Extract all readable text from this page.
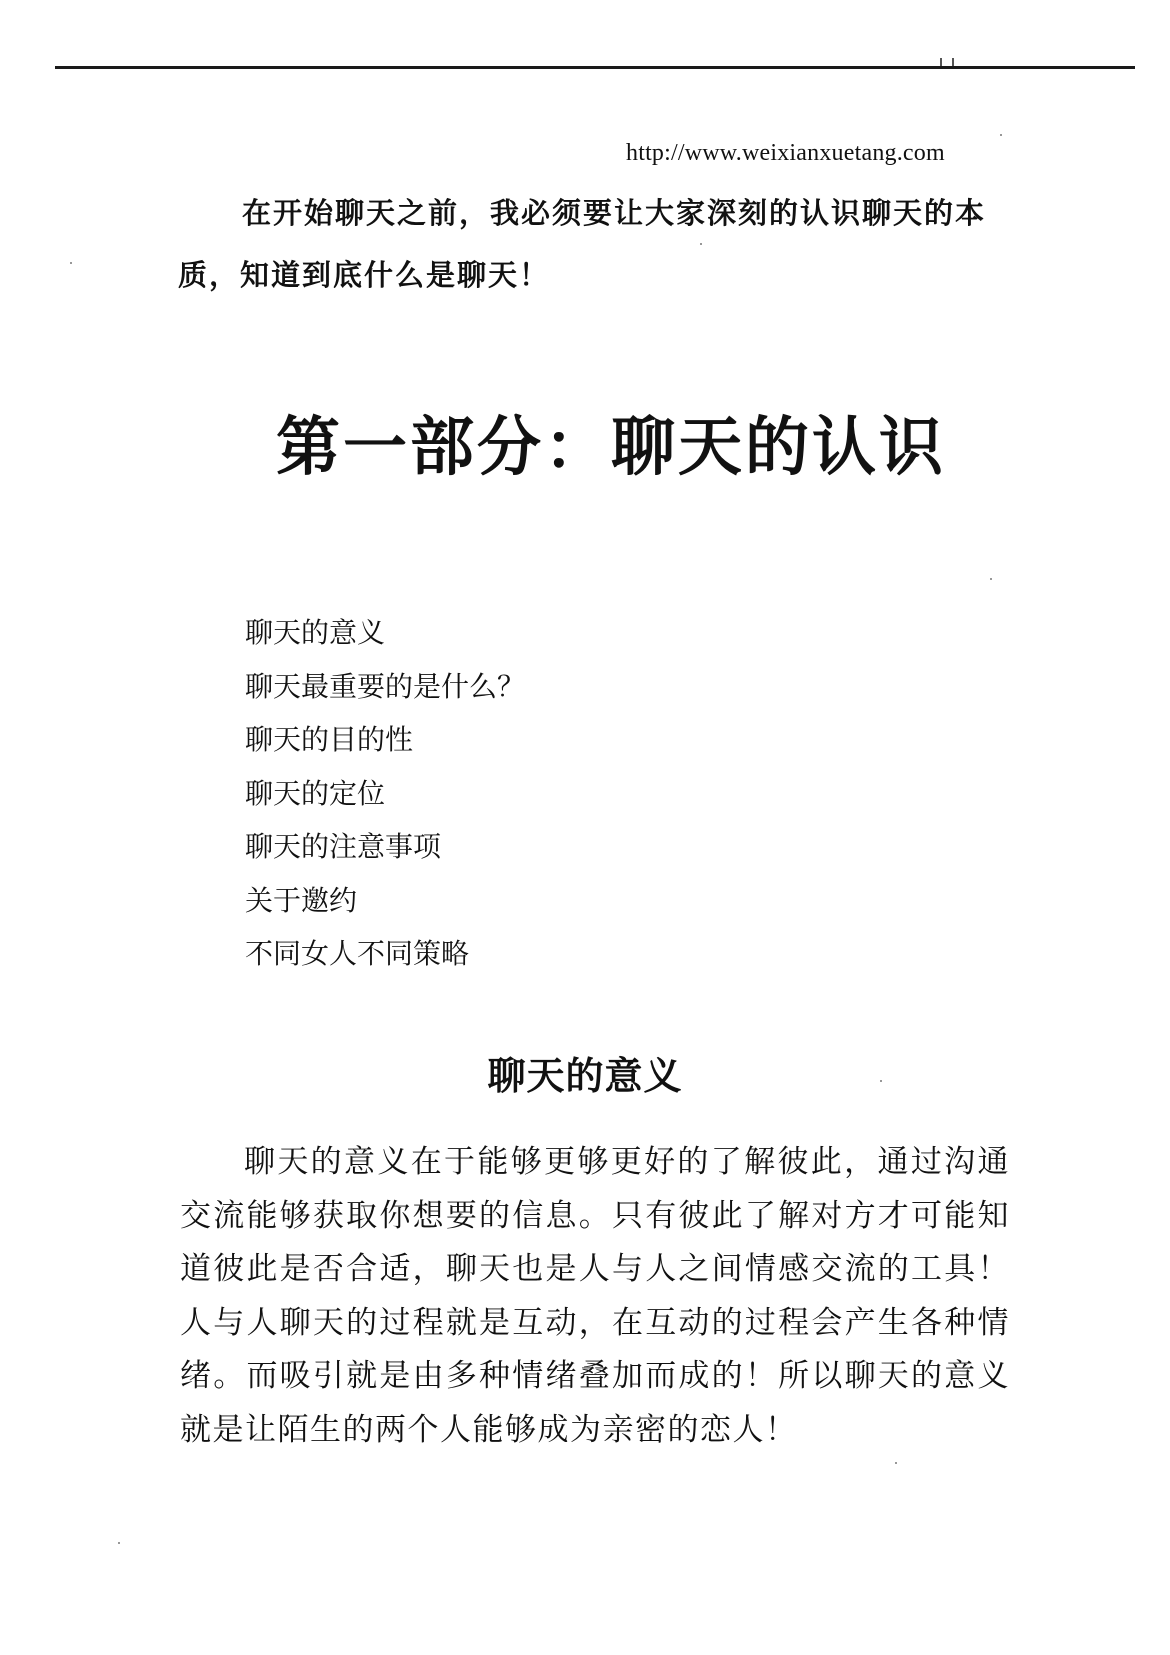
http://www.weixianxuetang.com

在开始聊天之前，我必须要让大家深刻的认识聊天的本质，知道到底什么是聊天！

第一部分：聊天的认识
聊天的意义
聊天最重要的是什么？
聊天的目的性
聊天的定位
聊天的注意事项
关于邀约
不同女人不同策略
聊天的意义

聊天的意义在于能够更够更好的了解彼此，通过沟通交流能够获取你想要的信息。只有彼此了解对方才可能知道彼此是否合适，聊天也是人与人之间情感交流的工具！人与人聊天的过程就是互动，在互动的过程会产生各种情绪。而吸引就是由多种情绪叠加而成的！所以聊天的意义就是让陌生的两个人能够成为亲密的恋人！
